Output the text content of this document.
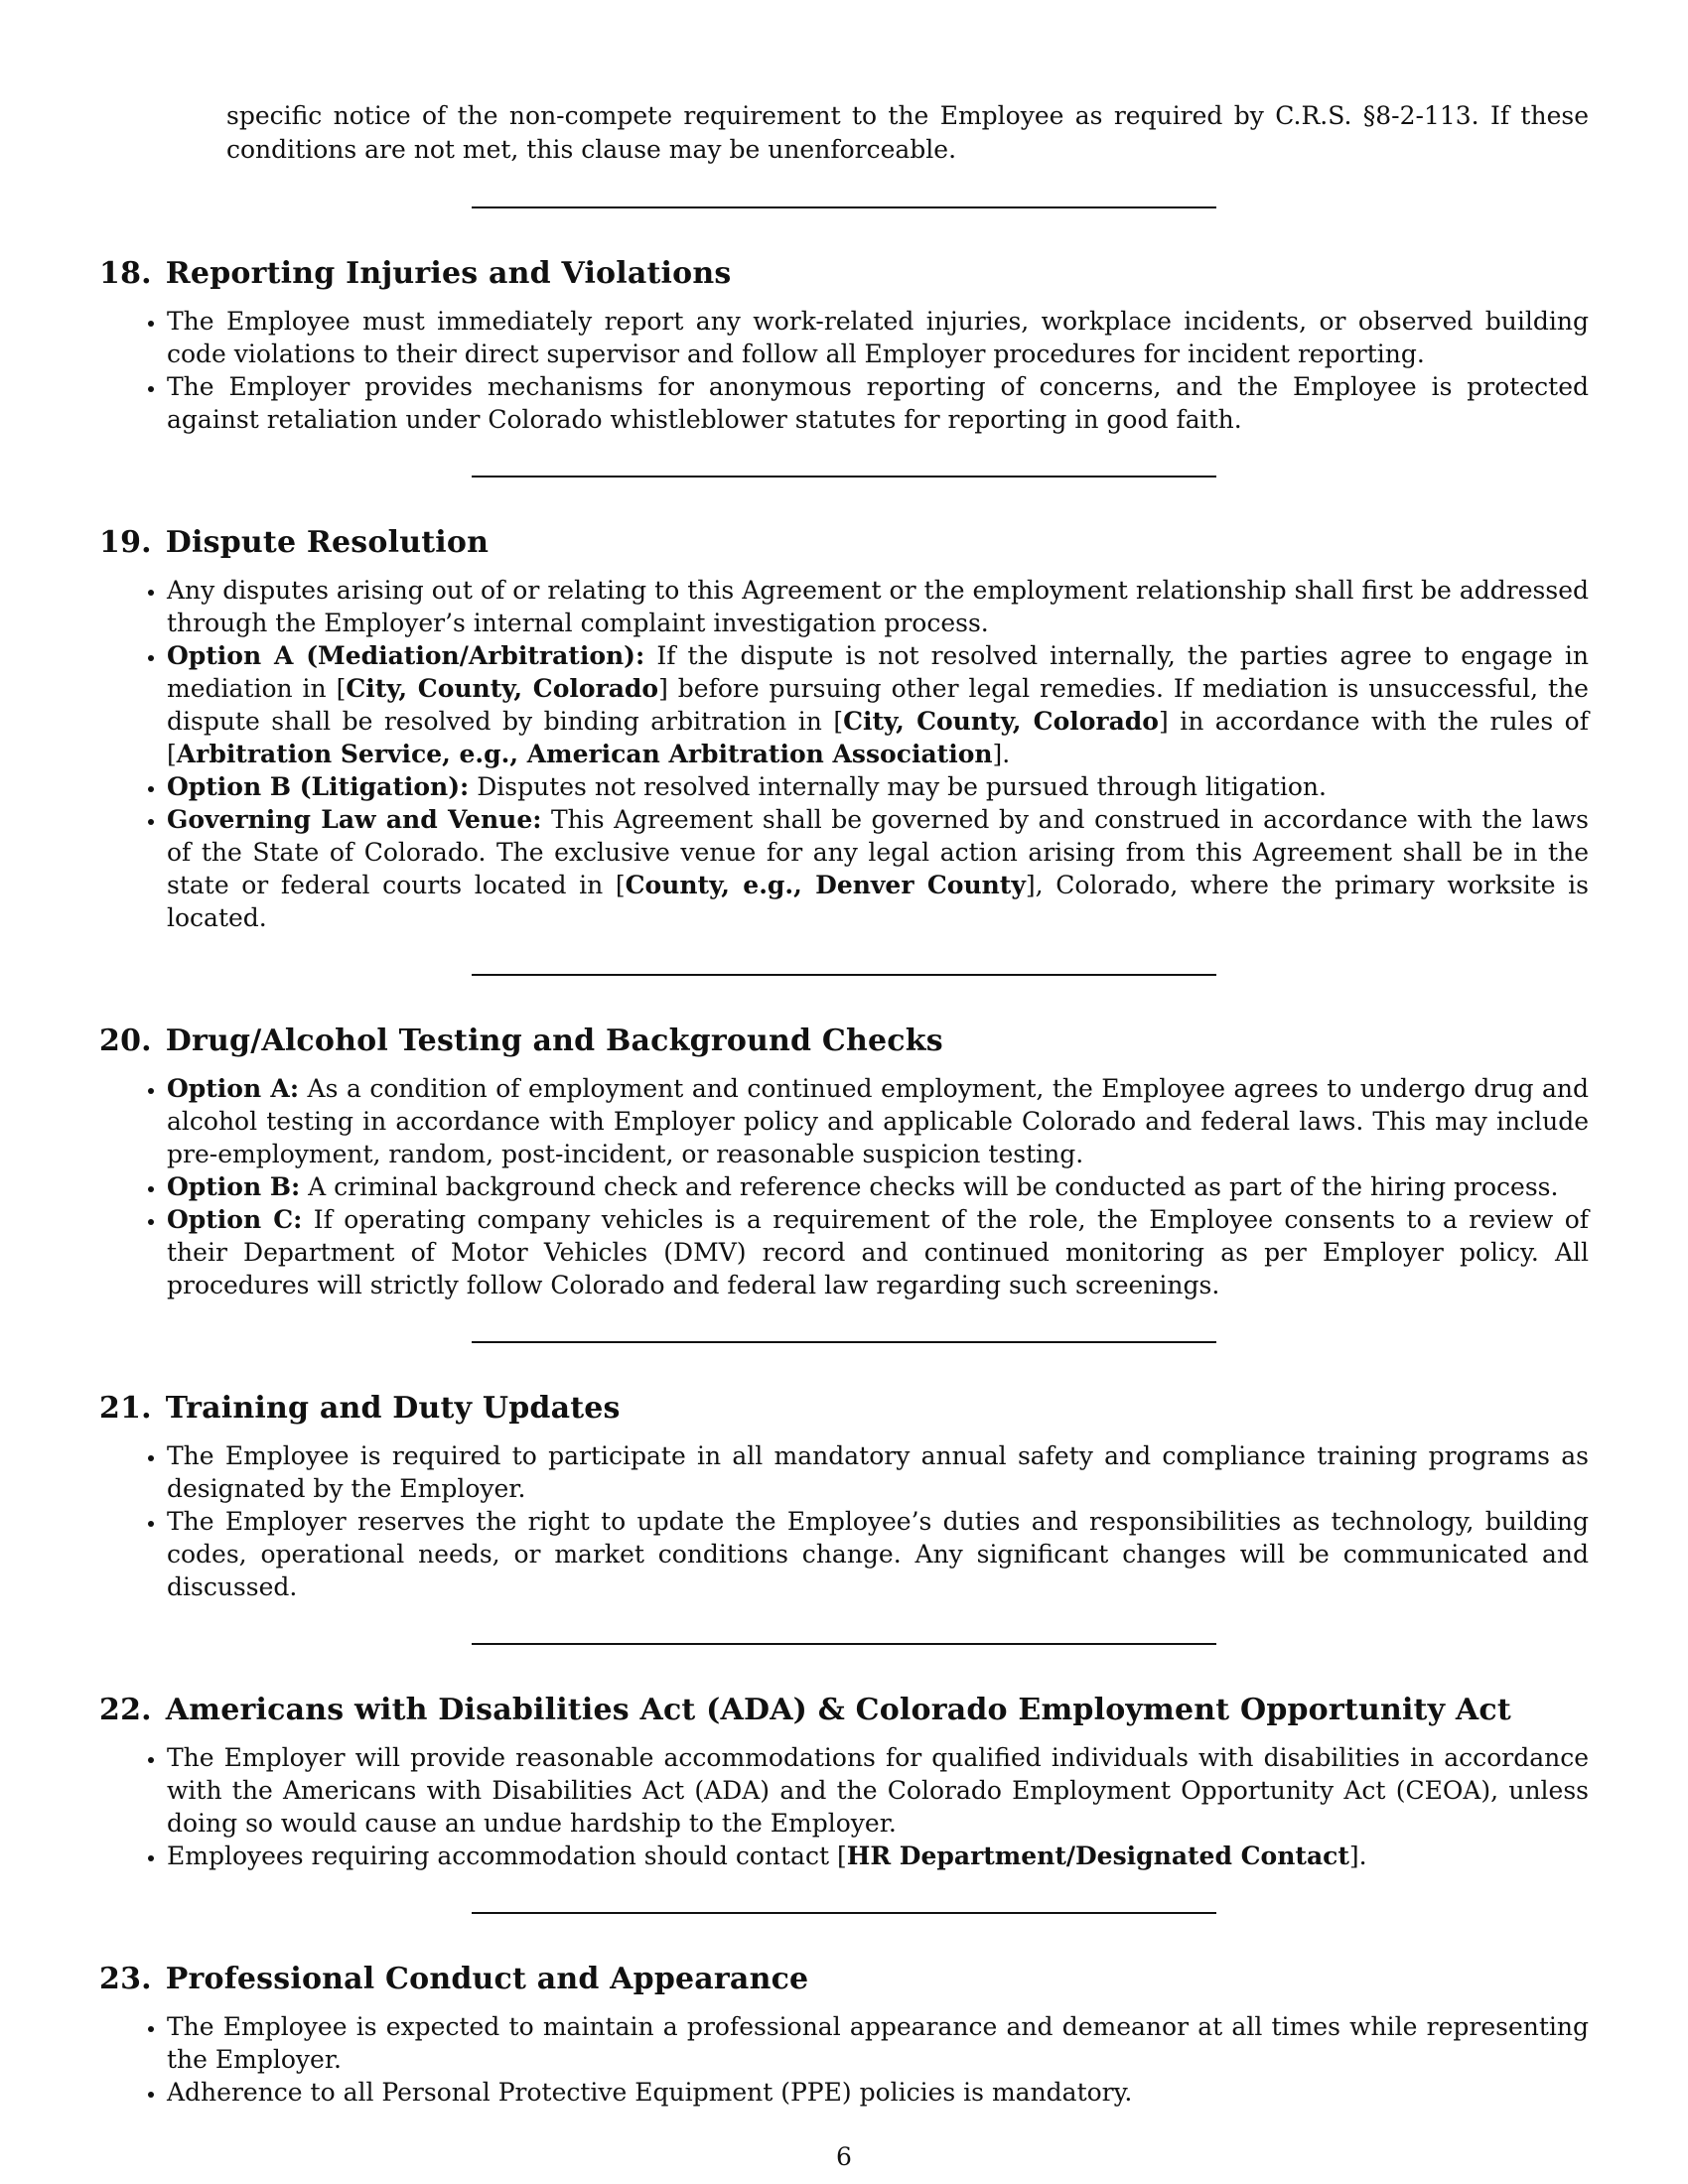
specific notice of the non-compete requirement to the Employee as required by C.R.S. §8-2-113. If these conditions are not met, this clause may be unenforceable.

18. Reporting Injuries and Violations
• The Employee must immediately report any work-related injuries, workplace incidents, or observed building code violations to their direct supervisor and follow all Employer procedures for incident reporting.
• The Employer provides mechanisms for anonymous reporting of concerns, and the Employee is protected against retaliation under Colorado whistleblower statutes for reporting in good faith.
19. Dispute Resolution
• Any disputes arising out of or relating to this Agreement or the employment relationship shall first be addressed through the Employer’s internal complaint investigation process.
• Option A (Mediation/Arbitration): If the dispute is not resolved internally, the parties agree to engage in mediation in [City, County, Colorado] before pursuing other legal remedies. If mediation is unsuccessful, the dispute shall be resolved by binding arbitration in [City, County, Colorado] in accordance with the rules of [Arbitration Service, e.g., American Arbitration Association].
• Option B (Litigation): Disputes not resolved internally may be pursued through litigation.
• Governing Law and Venue: This Agreement shall be governed by and construed in accordance with the laws of the State of Colorado. The exclusive venue for any legal action arising from this Agreement shall be in the state or federal courts located in [County, e.g., Denver County], Colorado, where the primary worksite is located.
20. Drug/Alcohol Testing and Background Checks
• Option A: As a condition of employment and continued employment, the Employee agrees to undergo drug and alcohol testing in accordance with Employer policy and applicable Colorado and federal laws. This may include pre-employment, random, post-incident, or reasonable suspicion testing.
• Option B: A criminal background check and reference checks will be conducted as part of the hiring process.
• Option C: If operating company vehicles is a requirement of the role, the Employee consents to a review of their Department of Motor Vehicles (DMV) record and continued monitoring as per Employer policy. All procedures will strictly follow Colorado and federal law regarding such screenings.
21. Training and Duty Updates
• The Employee is required to participate in all mandatory annual safety and compliance training programs as designated by the Employer.
• The Employer reserves the right to update the Employee’s duties and responsibilities as technology, building codes, operational needs, or market conditions change. Any significant changes will be communicated and discussed.
22. Americans with Disabilities Act (ADA) & Colorado Employment Opportunity Act
• The Employer will provide reasonable accommodations for qualified individuals with disabilities in accordance with the Americans with Disabilities Act (ADA) and the Colorado Employment Opportunity Act (CEOA), unless doing so would cause an undue hardship to the Employer.
• Employees requiring accommodation should contact [HR Department/Designated Contact].
23. Professional Conduct and Appearance
• The Employee is expected to maintain a professional appearance and demeanor at all times while representing the Employer.
• Adherence to all Personal Protective Equipment (PPE) policies is mandatory.
6
